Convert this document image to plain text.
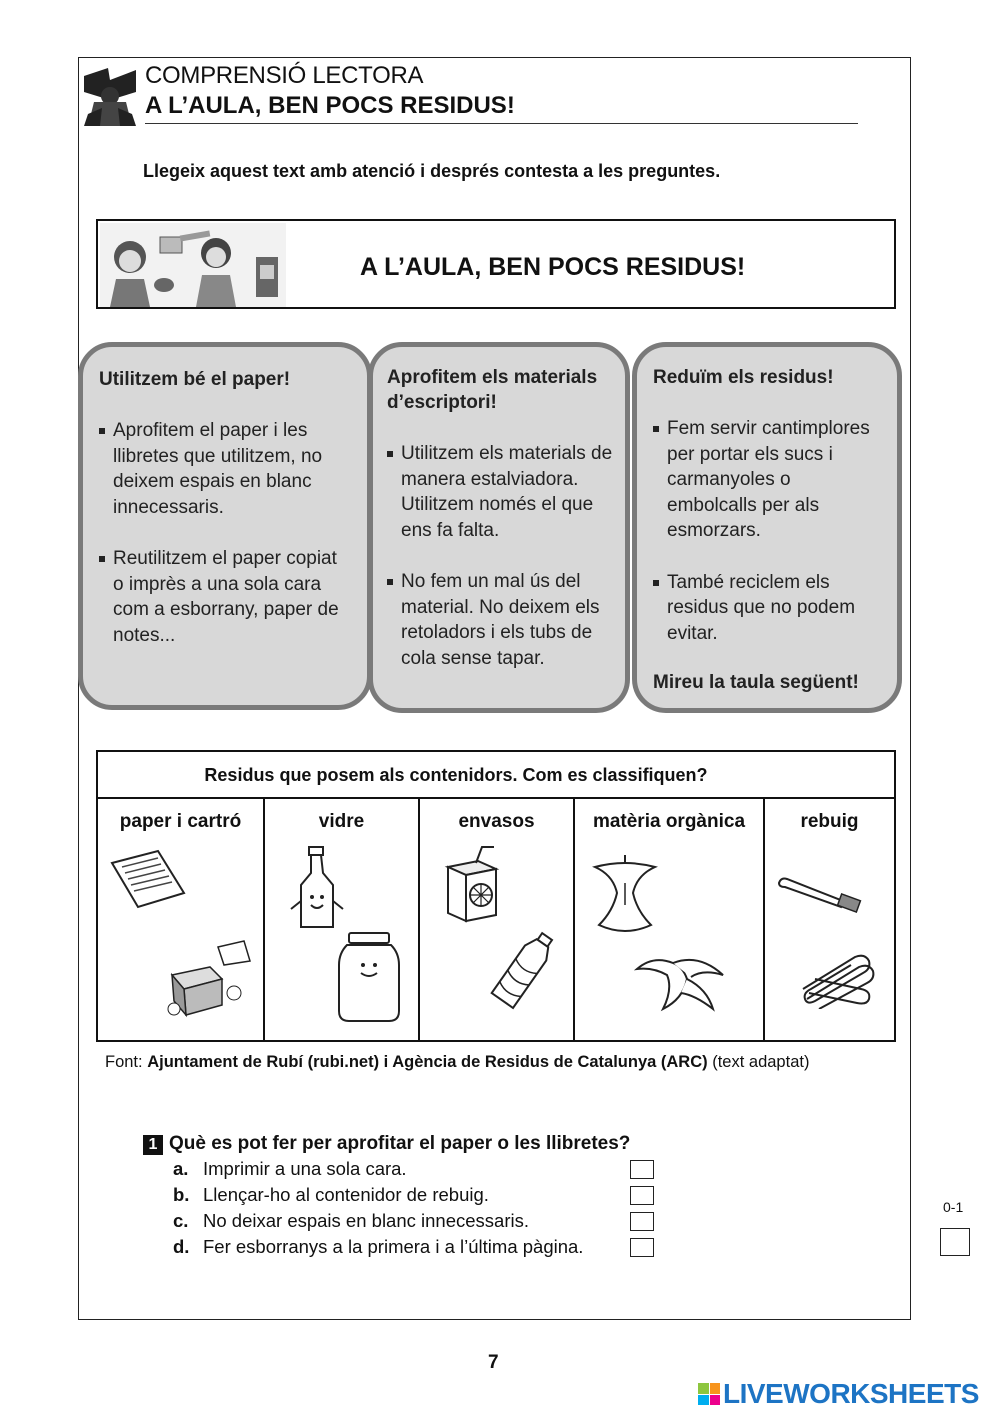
COMPRENSIÓ LECTORA
A L’AULA, BEN POCS RESIDUS!
Llegeix aquest text amb atenció i després contesta a les preguntes.
A L’AULA, BEN POCS RESIDUS!
Utilitzem bé el paper!
Aprofitem el paper i les llibretes que utilitzem, no deixem espais en blanc innecessaris.
Reutilitzem el paper copiat o imprès a una sola cara com a esborrany, paper de notes...
Aprofitem els materials d’escriptori!
Utilitzem els materials de manera estalviadora. Utilitzem només el que ens fa falta.
No fem un mal ús del material. No deixem els retoladors i els tubs de cola sense tapar.
Reduïm els residus!
Fem servir cantimplores per portar els sucs i carmanyoles o embolcalls per als esmorzars.
També reciclem els residus que no podem evitar.
Mireu la taula següent!
Residus que posem als contenidors. Com es classifiquen?
paper i cartró	vidre	envasos	matèria orgànica	rebuig
Font: Ajuntament de Rubí (rubi.net) i Agència de Residus de Catalunya (ARC) (text adaptat)
1 Què es pot fer per aprofitar el paper o les llibretes?
a. Imprimir a una sola cara.
b. Llençar-ho al contenidor de rebuig.
c. No deixar espais en blanc innecessaris.
d. Fer esborranys a la primera i a l’última pàgina.
0-1
7
LIVEWORKSHEETS
